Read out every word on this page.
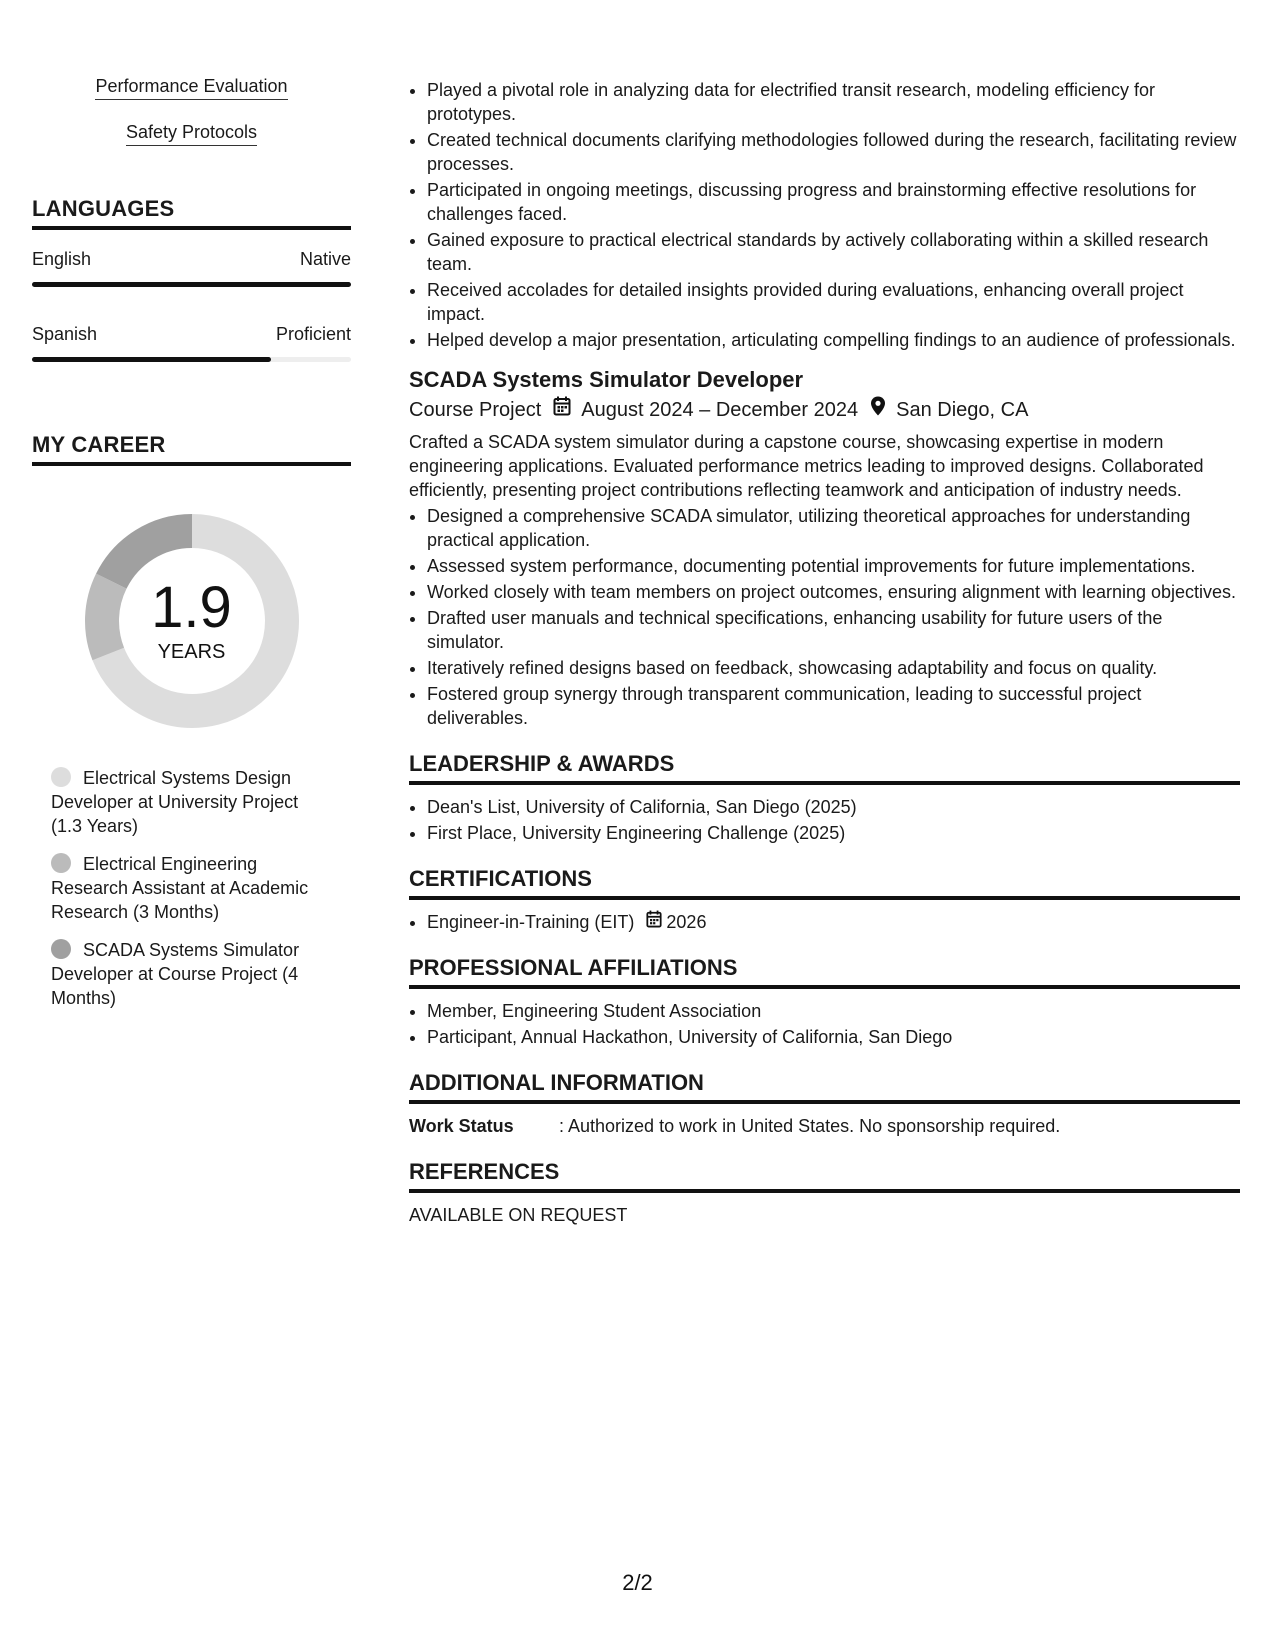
Performance Evaluation
Safety Protocols
LANGUAGES
English	Native
Spanish	Proficient
MY CAREER
1.9
YEARS
Electrical Systems Design Developer at University Project (1.3 Years)
Electrical Engineering Research Assistant at Academic Research (3 Months)
SCADA Systems Simulator Developer at Course Project (4 Months)
• Played a pivotal role in analyzing data for electrified transit research, modeling efficiency for prototypes.
• Created technical documents clarifying methodologies followed during the research, facilitating review processes.
• Participated in ongoing meetings, discussing progress and brainstorming effective resolutions for challenges faced.
• Gained exposure to practical electrical standards by actively collaborating within a skilled research team.
• Received accolades for detailed insights provided during evaluations, enhancing overall project impact.
• Helped develop a major presentation, articulating compelling findings to an audience of professionals.
SCADA Systems Simulator Developer
Course Project August 2024 – December 2024 San Diego, CA
Crafted a SCADA system simulator during a capstone course, showcasing expertise in modern engineering applications. Evaluated performance metrics leading to improved designs. Collaborated efficiently, presenting project contributions reflecting teamwork and anticipation of industry needs.
• Designed a comprehensive SCADA simulator, utilizing theoretical approaches for understanding practical application.
• Assessed system performance, documenting potential improvements for future implementations.
• Worked closely with team members on project outcomes, ensuring alignment with learning objectives.
• Drafted user manuals and technical specifications, enhancing usability for future users of the simulator.
• Iteratively refined designs based on feedback, showcasing adaptability and focus on quality.
• Fostered group synergy through transparent communication, leading to successful project deliverables.
LEADERSHIP & AWARDS
• Dean's List, University of California, San Diego (2025)
• First Place, University Engineering Challenge (2025)
CERTIFICATIONS
• Engineer-in-Training (EIT) 2026
PROFESSIONAL AFFILIATIONS
• Member, Engineering Student Association
• Participant, Annual Hackathon, University of California, San Diego
ADDITIONAL INFORMATION
Work Status	: Authorized to work in United States. No sponsorship required.
REFERENCES
AVAILABLE ON REQUEST
2/2
